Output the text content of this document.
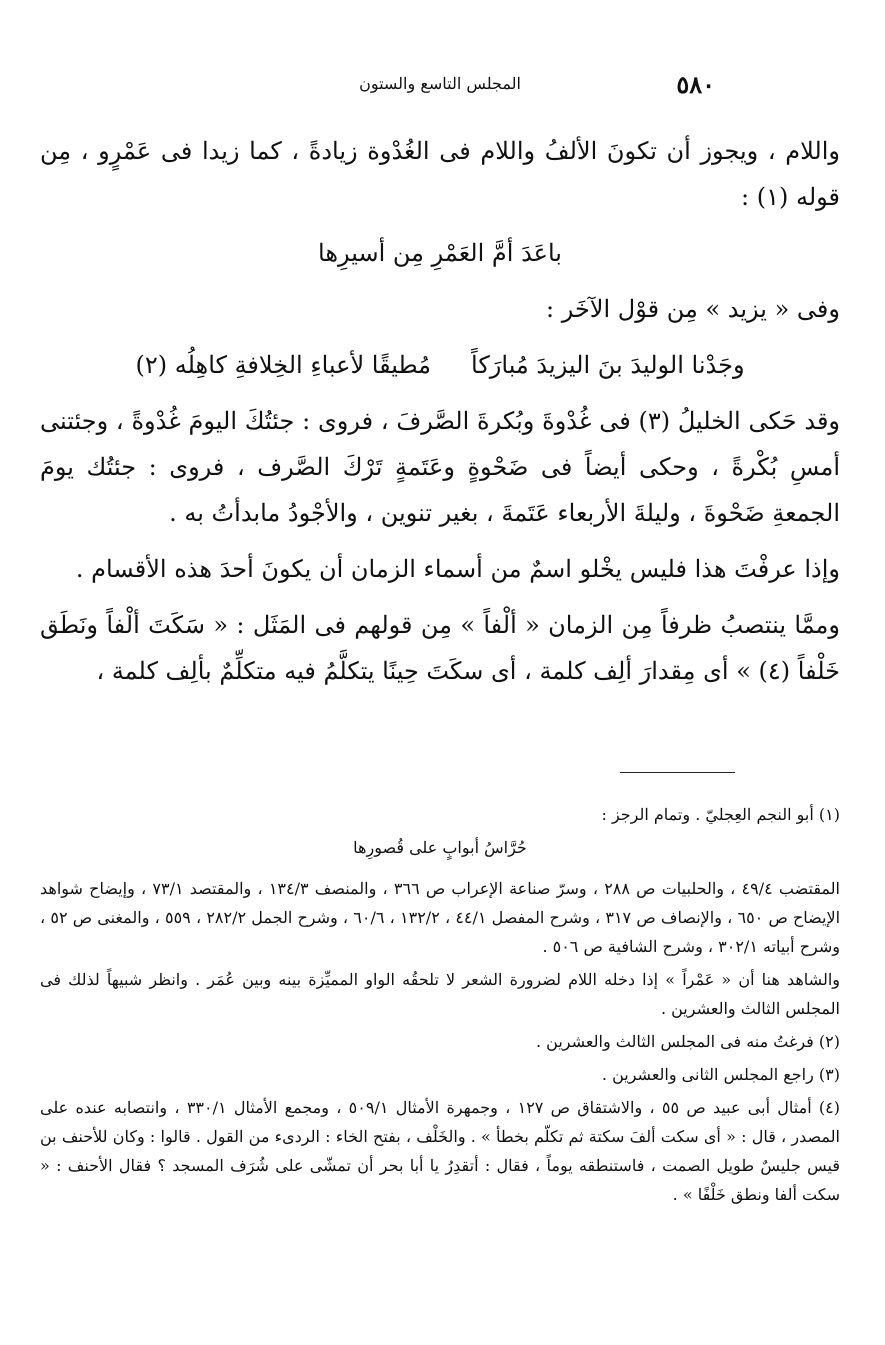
٥٨٠
المجلس التاسع والستون

واللام ، ويجوز أن تكونَ الألفُ واللام فى الغُدْوة زيادةً ، كما زيدا فى عَمْرٍو ، مِن قوله (١) :

باعَدَ أمَّ العَمْرِ مِن أسيرِها

وفى « يزيد » مِن قوْل الآخَر :

وجَدْنا الوليدَ بنَ اليزيدَ مُبارَكاً
مُطيقًا لأعباءِ الخِلافةِ كاهِلُه (٢)

وقد حَكى الخليلُ (٣) فى غُدْوةَ وبُكرةَ الصَّرفَ ، فروى : جئتُكَ اليومَ غُدْوةً ، وجئتنى أمسِ بُكْرةً ، وحكى أيضاً فى ضَحْوةٍ وعَتَمةٍ تَرْكَ الصَّرف ، فروى : جئتُك يومَ الجمعةِ ضَحْوةَ ، وليلةَ الأربعاء عَتَمةَ ، بغير تنوين ، والأجْودُ مابدأتُ به .

وإذا عرفْتَ هذا فليس يخْلو اسمٌ من أسماء الزمان أن يكونَ أحدَ هذه الأقسام .

وممَّا ينتصبُ ظرفاً مِن الزمان « ألْفاً » مِن قولهم فى المَثَل : « سَكَتَ ألْفاً ونَطَق خَلْفاً (٤) » أى مِقدارَ ألِف كلمة ، أى سكَتَ حِينًا يتكلَّمُ فيه متكلِّمٌ بألِف كلمة ،

(١) أبو النجم العِجليّ . وتمام الرجز :

حُرَّاسُ أبوابٍ على قُصورِها

المقتضب ٤٩/٤ ، والحلبيات ص ٢٨٨ ، وسرّ صناعة الإعراب ص ٣٦٦ ، والمنصف ١٣٤/٣ ، والمقتصد ٧٣/١ ، وإيضاح شواهد الإيضاح ص ٦٥٠ ، والإنصاف ص ٣١٧ ، وشرح المفصل ٤٤/١ ، ١٣٢/٢ ، ٦٠/٦ ، وشرح الجمل ٢٨٢/٢ ، ٥٥٩ ، والمغنى ص ٥٢ ، وشرح أبياته ٣٠٢/١ ، وشرح الشافية ص ٥٠٦ .

والشاهد هنا أن « عَمْراً » إذا دخله اللام لضرورة الشعر لا تلحقُه الواو المميِّزة بينه وبين عُمَر . وانظر شبيهاً لذلك فى المجلس الثالث والعشرين .

(٢) فرغتُ منه فى المجلس الثالث والعشرين .

(٣) راجع المجلس الثانى والعشرين .

(٤) أمثال أبى عبيد ص ٥٥ ، والاشتقاق ص ١٢٧ ، وجمهرة الأمثال ٥٠٩/١ ، ومجمع الأمثال ٣٣٠/١ ، وانتصابه عنده على المصدر ، قال : « أى سكت ألفَ سكتة ثم تكلّم بخطأ » . والخَلْف ، بفتح الخاء : الردىء من القول . قالوا : وكان للأحنف بن قيس جليسٌ طويل الصمت ، فاستنطقه يوماً ، فقال : أتقدِرُ يا أبا بحر أن تمشّى على شُرَف المسجد ؟ فقال الأحنف : « سكت ألفا ونطق خَلْفًا » .
